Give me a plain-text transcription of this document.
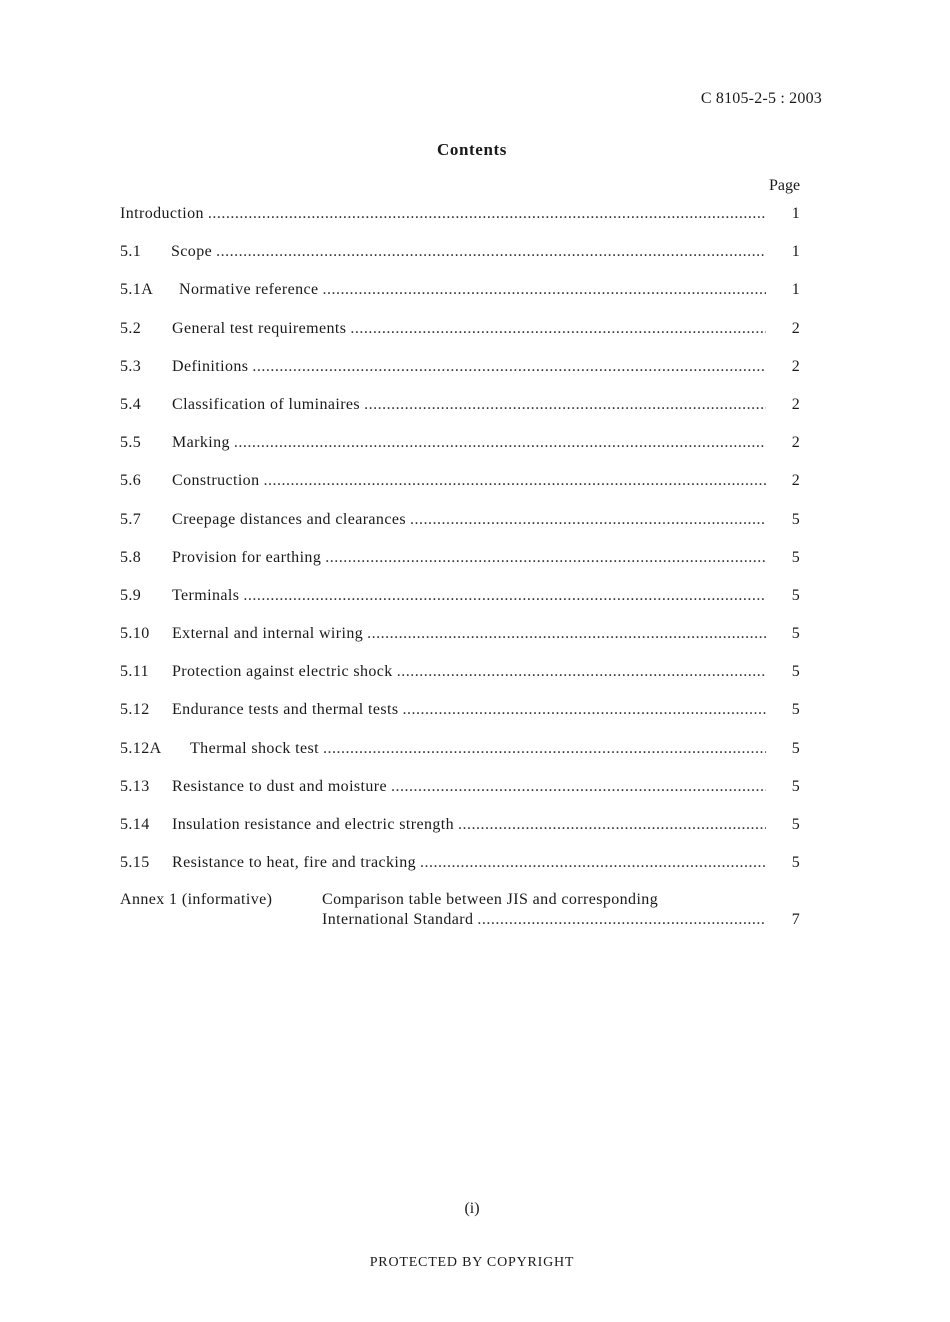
C 8105-2-5 : 2003
Contents
Page
Introduction .....	1
5.1	Scope .....	1
5.1A	Normative reference .....	1
5.2	General test requirements .....	2
5.3	Definitions .....	2
5.4	Classification of luminaires .....	2
5.5	Marking .....	2
5.6	Construction .....	2
5.7	Creepage distances and clearances .....	5
5.8	Provision for earthing .....	5
5.9	Terminals .....	5
5.10	External and internal wiring .....	5
5.11	Protection against electric shock .....	5
5.12	Endurance tests and thermal tests .....	5
5.12A	Thermal shock test .....	5
5.13	Resistance to dust and moisture .....	5
5.14	Insulation resistance and electric strength .....	5
5.15	Resistance to heat, fire and tracking .....	5
Annex 1 (informative)	Comparison table between JIS and corresponding
International Standard .....	7
(i)
PROTECTED BY COPYRIGHT
